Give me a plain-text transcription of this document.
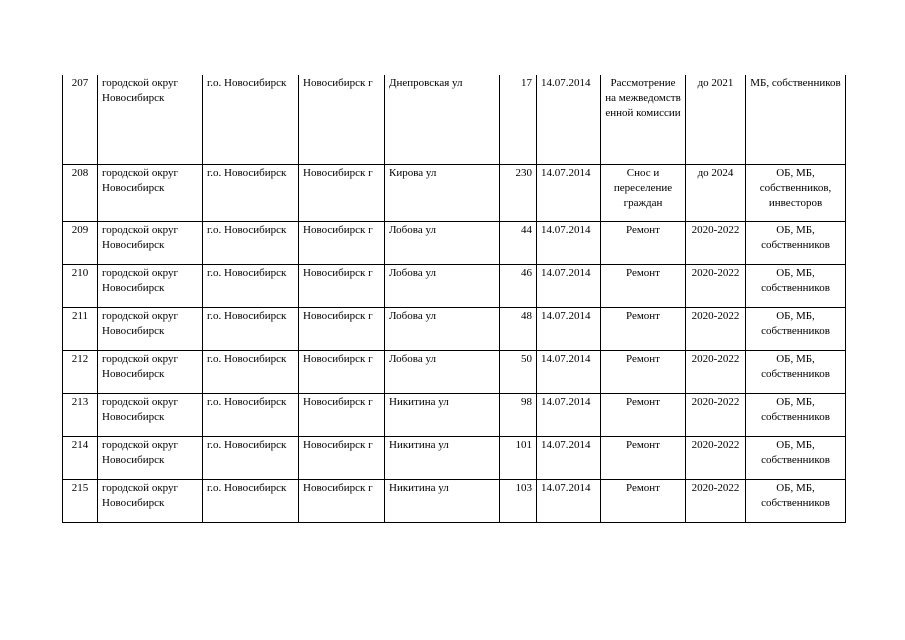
207	городской округ Новосибирск	г.о. Новосибирск	Новосибирск г	Днепровская ул	17	14.07.2014	Рассмотрение на межведомств енной комиссии	до 2021	МБ, собственников
208	городской округ Новосибирск	г.о. Новосибирск	Новосибирск г	Кирова ул	230	14.07.2014	Снос и переселение граждан	до 2024	ОБ, МБ, собственников, инвесторов
209	городской округ Новосибирск	г.о. Новосибирск	Новосибирск г	Лобова ул	44	14.07.2014	Ремонт	2020-2022	ОБ, МБ, собственников
210	городской округ Новосибирск	г.о. Новосибирск	Новосибирск г	Лобова ул	46	14.07.2014	Ремонт	2020-2022	ОБ, МБ, собственников
211	городской округ Новосибирск	г.о. Новосибирск	Новосибирск г	Лобова ул	48	14.07.2014	Ремонт	2020-2022	ОБ, МБ, собственников
212	городской округ Новосибирск	г.о. Новосибирск	Новосибирск г	Лобова ул	50	14.07.2014	Ремонт	2020-2022	ОБ, МБ, собственников
213	городской округ Новосибирск	г.о. Новосибирск	Новосибирск г	Никитина ул	98	14.07.2014	Ремонт	2020-2022	ОБ, МБ, собственников
214	городской округ Новосибирск	г.о. Новосибирск	Новосибирск г	Никитина ул	101	14.07.2014	Ремонт	2020-2022	ОБ, МБ, собственников
215	городской округ Новосибирск	г.о. Новосибирск	Новосибирск г	Никитина ул	103	14.07.2014	Ремонт	2020-2022	ОБ, МБ, собственников
